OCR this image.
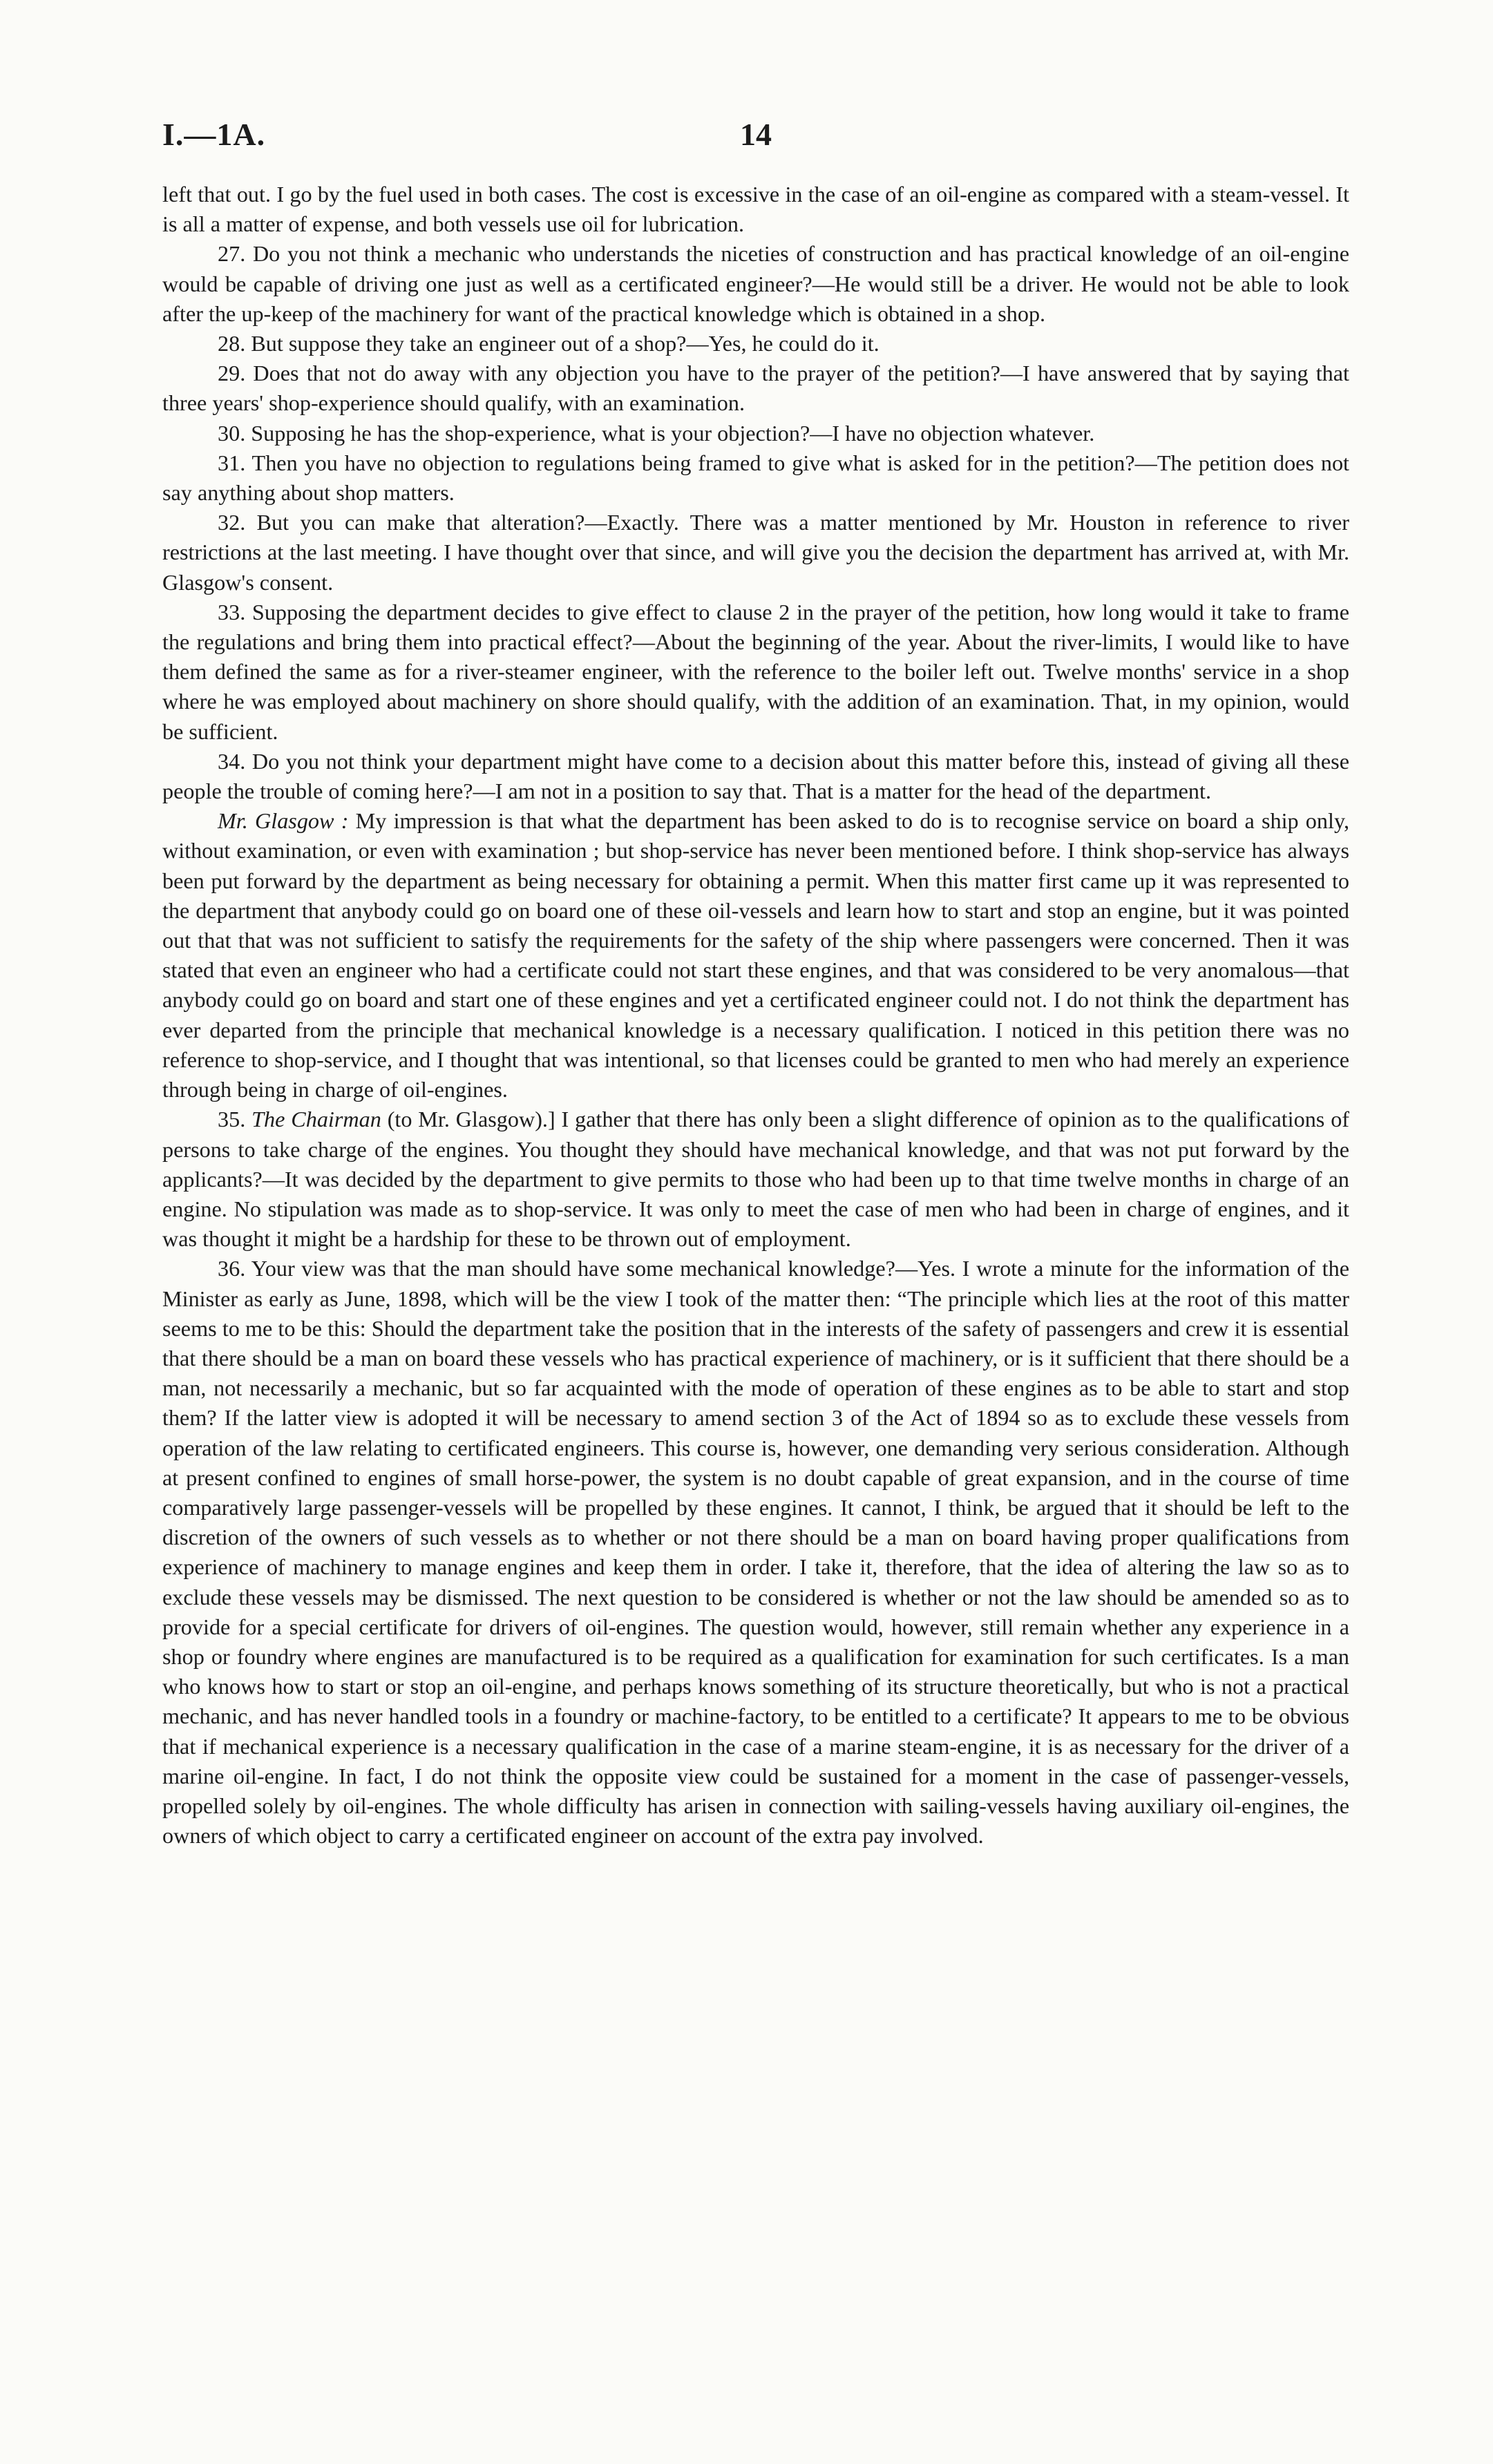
I.—1A.	14

left that out. I go by the fuel used in both cases. The cost is excessive in the case of an oil-engine as compared with a steam-vessel. It is all a matter of expense, and both vessels use oil for lubrication.

27. Do you not think a mechanic who understands the niceties of construction and has practical knowledge of an oil-engine would be capable of driving one just as well as a certificated engineer?—He would still be a driver. He would not be able to look after the up-keep of the machinery for want of the practical knowledge which is obtained in a shop.

28. But suppose they take an engineer out of a shop?—Yes, he could do it.

29. Does that not do away with any objection you have to the prayer of the petition?—I have answered that by saying that three years' shop-experience should qualify, with an examination.

30. Supposing he has the shop-experience, what is your objection?—I have no objection whatever.

31. Then you have no objection to regulations being framed to give what is asked for in the petition?—The petition does not say anything about shop matters.

32. But you can make that alteration?—Exactly. There was a matter mentioned by Mr. Houston in reference to river restrictions at the last meeting. I have thought over that since, and will give you the decision the department has arrived at, with Mr. Glasgow's consent.

33. Supposing the department decides to give effect to clause 2 in the prayer of the petition, how long would it take to frame the regulations and bring them into practical effect?—About the beginning of the year. About the river-limits, I would like to have them defined the same as for a river-steamer engineer, with the reference to the boiler left out. Twelve months' service in a shop where he was employed about machinery on shore should qualify, with the addition of an examination. That, in my opinion, would be sufficient.

34. Do you not think your department might have come to a decision about this matter before this, instead of giving all these people the trouble of coming here?—I am not in a position to say that. That is a matter for the head of the department.

Mr. Glasgow : My impression is that what the department has been asked to do is to recognise service on board a ship only, without examination, or even with examination ; but shop-service has never been mentioned before. I think shop-service has always been put forward by the department as being necessary for obtaining a permit. When this matter first came up it was represented to the department that anybody could go on board one of these oil-vessels and learn how to start and stop an engine, but it was pointed out that that was not sufficient to satisfy the requirements for the safety of the ship where passengers were concerned. Then it was stated that even an engineer who had a certificate could not start these engines, and that was considered to be very anomalous—that anybody could go on board and start one of these engines and yet a certificated engineer could not. I do not think the department has ever departed from the principle that mechanical knowledge is a necessary qualification. I noticed in this petition there was no reference to shop-service, and I thought that was intentional, so that licenses could be granted to men who had merely an experience through being in charge of oil-engines.

35. The Chairman (to Mr. Glasgow).] I gather that there has only been a slight difference of opinion as to the qualifications of persons to take charge of the engines. You thought they should have mechanical knowledge, and that was not put forward by the applicants?—It was decided by the department to give permits to those who had been up to that time twelve months in charge of an engine. No stipulation was made as to shop-service. It was only to meet the case of men who had been in charge of engines, and it was thought it might be a hardship for these to be thrown out of employment.

36. Your view was that the man should have some mechanical knowledge?—Yes. I wrote a minute for the information of the Minister as early as June, 1898, which will be the view I took of the matter then: “The principle which lies at the root of this matter seems to me to be this: Should the department take the position that in the interests of the safety of passengers and crew it is essential that there should be a man on board these vessels who has practical experience of machinery, or is it sufficient that there should be a man, not necessarily a mechanic, but so far acquainted with the mode of operation of these engines as to be able to start and stop them? If the latter view is adopted it will be necessary to amend section 3 of the Act of 1894 so as to exclude these vessels from operation of the law relating to certificated engineers. This course is, however, one demanding very serious consideration. Although at present confined to engines of small horse-power, the system is no doubt capable of great expansion, and in the course of time comparatively large passenger-vessels will be propelled by these engines. It cannot, I think, be argued that it should be left to the discretion of the owners of such vessels as to whether or not there should be a man on board having proper qualifications from experience of machinery to manage engines and keep them in order. I take it, therefore, that the idea of altering the law so as to exclude these vessels may be dismissed. The next question to be considered is whether or not the law should be amended so as to provide for a special certificate for drivers of oil-engines. The question would, however, still remain whether any experience in a shop or foundry where engines are manufactured is to be required as a qualification for examination for such certificates. Is a man who knows how to start or stop an oil-engine, and perhaps knows something of its structure theoretically, but who is not a practical mechanic, and has never handled tools in a foundry or machine-factory, to be entitled to a certificate? It appears to me to be obvious that if mechanical experience is a necessary qualification in the case of a marine steam-engine, it is as necessary for the driver of a marine oil-engine. In fact, I do not think the opposite view could be sustained for a moment in the case of passenger-vessels, propelled solely by oil-engines. The whole difficulty has arisen in connection with sailing-vessels having auxiliary oil-engines, the owners of which object to carry a certificated engineer on account of the extra pay involved.
